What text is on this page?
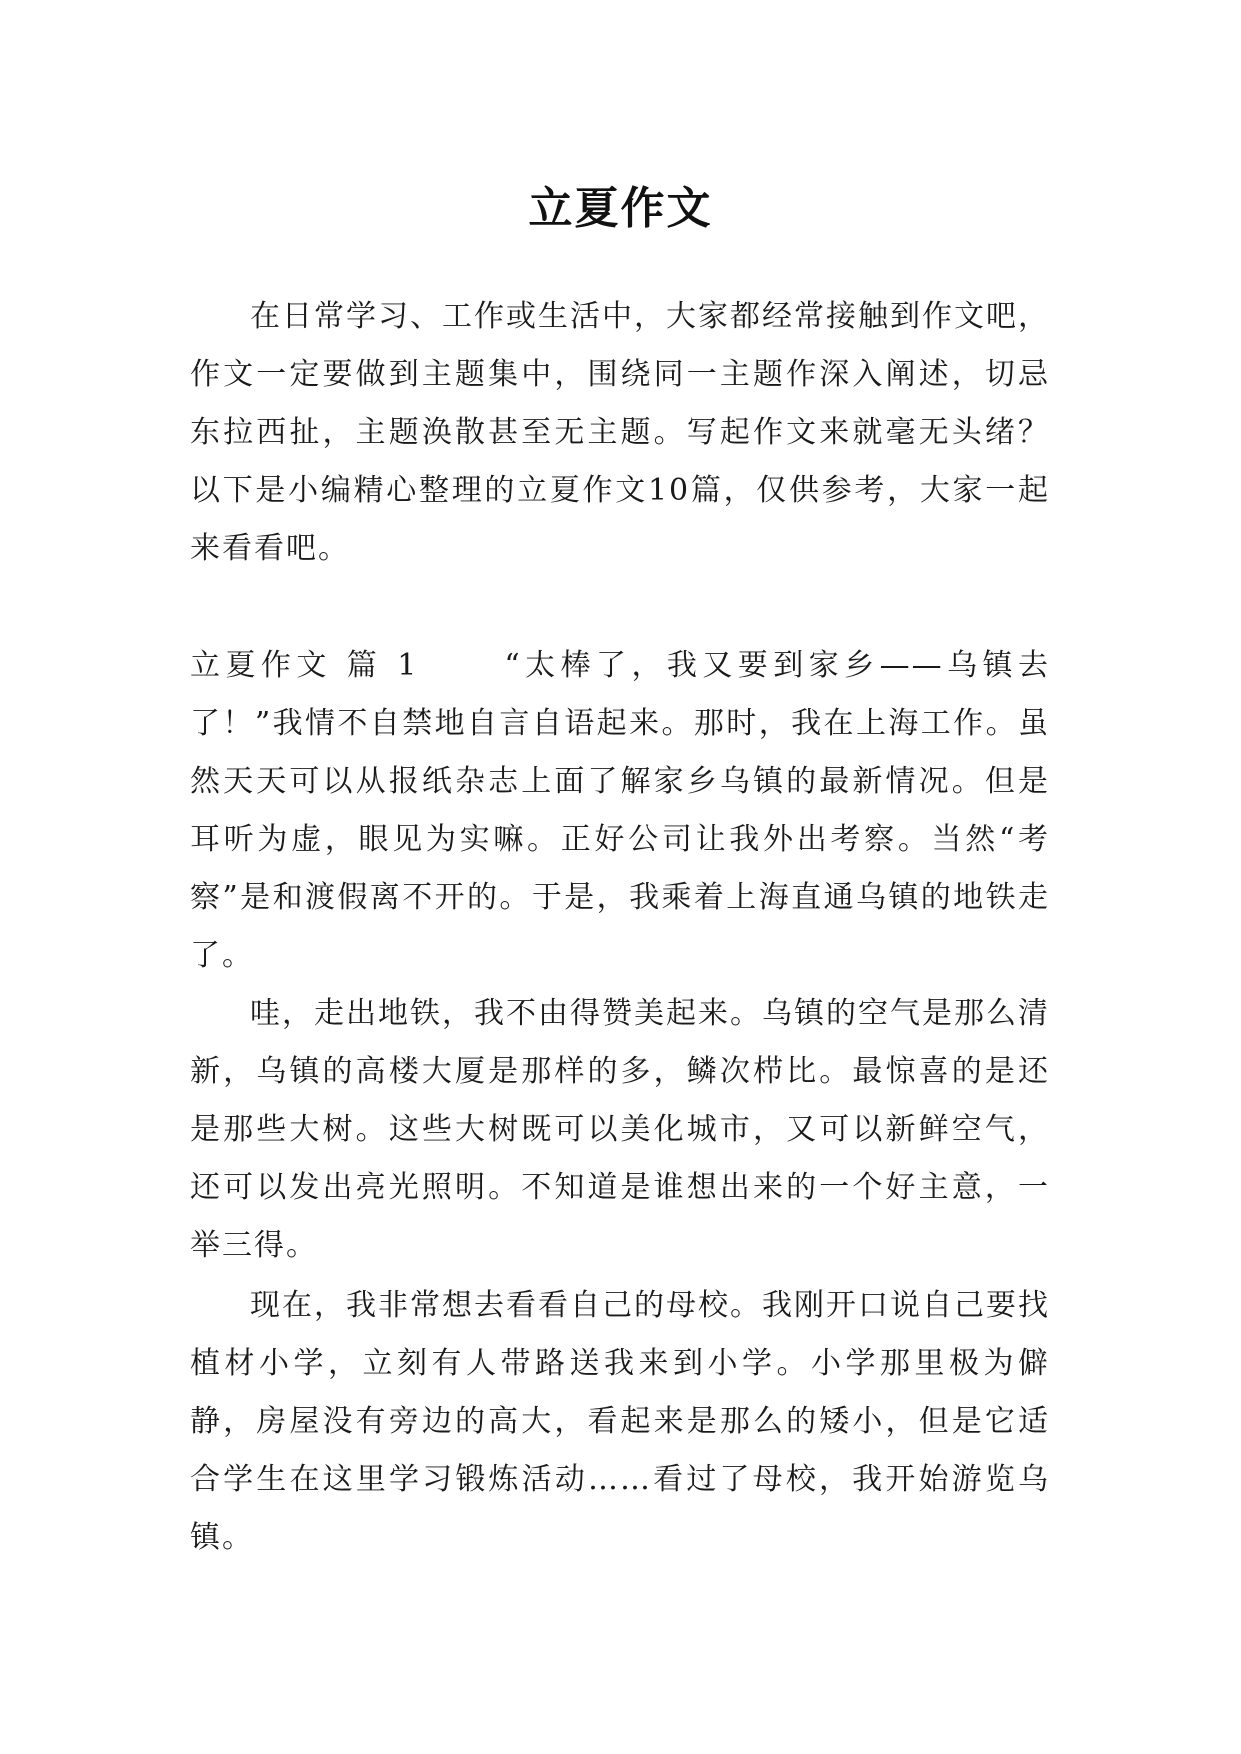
立夏作文

在日常学习、工作或生活中，大家都经常接触到作文吧，作文一定要做到主题集中，围绕同一主题作深入阐述，切忌东拉西扯，主题涣散甚至无主题。写起作文来就毫无头绪？以下是小编精心整理的立夏作文10篇，仅供参考，大家一起来看看吧。

立夏作文 篇 1	“太棒了，我又要到家乡——乌镇去了！”我情不自禁地自言自语起来。那时，我在上海工作。虽然天天可以从报纸杂志上面了解家乡乌镇的最新情况。但是耳听为虚，眼见为实嘛。正好公司让我外出考察。当然“考察”是和渡假离不开的。于是，我乘着上海直通乌镇的地铁走了。

哇，走出地铁，我不由得赞美起来。乌镇的空气是那么清新，乌镇的高楼大厦是那样的多，鳞次栉比。最惊喜的是还是那些大树。这些大树既可以美化城市，又可以新鲜空气，还可以发出亮光照明。不知道是谁想出来的一个好主意，一举三得。

现在，我非常想去看看自己的母校。我刚开口说自己要找植材小学，立刻有人带路送我来到小学。小学那里极为僻静，房屋没有旁边的高大，看起来是那么的矮小，但是它适合学生在这里学习锻炼活动……看过了母校，我开始游览乌镇。
